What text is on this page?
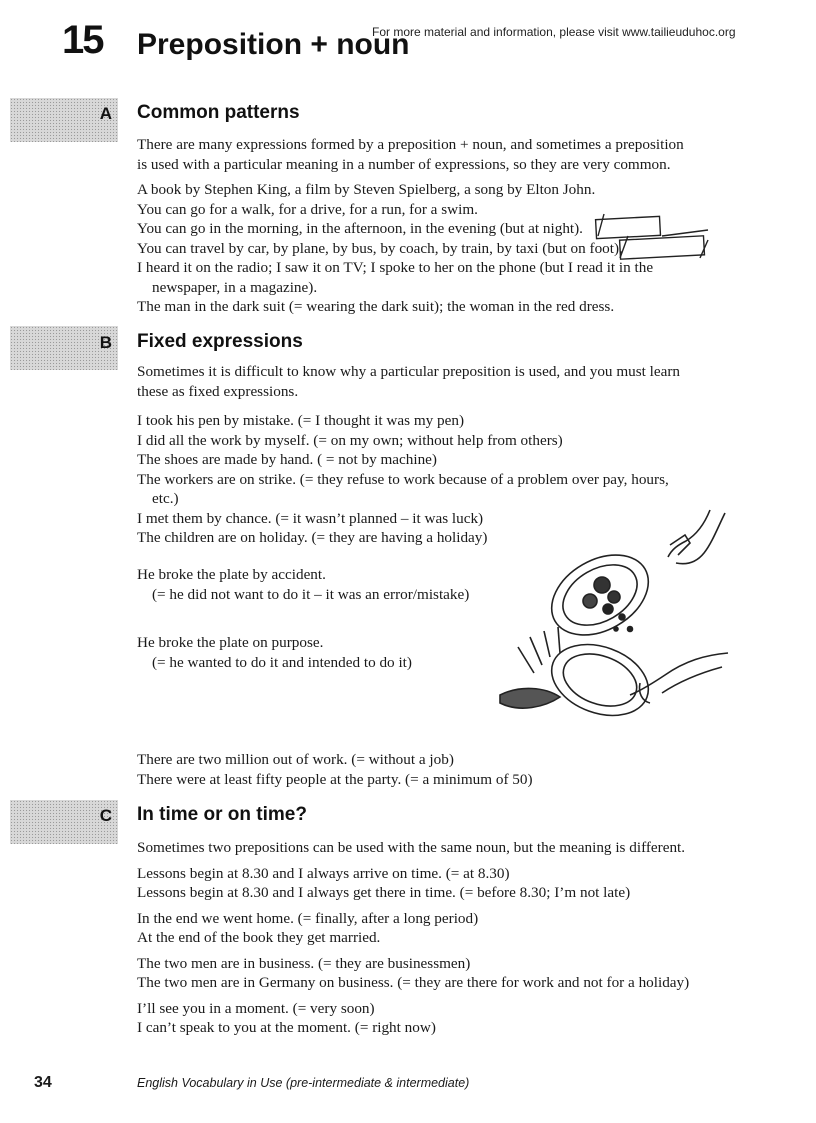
15 Preposition + noun
For more material and information, please visit www.tailieuduhoc.org
A Common patterns
There are many expressions formed by a preposition + noun, and sometimes a preposition
is used with a particular meaning in a number of expressions, so they are very common.
A book by Stephen King, a film by Steven Spielberg, a song by Elton John.
You can go for a walk, for a drive, for a run, for a swim.
You can go in the morning, in the afternoon, in the evening (but at night).
You can travel by car, by plane, by bus, by coach, by train, by taxi (but on foot).
I heard it on the radio; I saw it on TV; I spoke to her on the phone (but I read it in the
newspaper, in a magazine).
The man in the dark suit (= wearing the dark suit); the woman in the red dress.
B Fixed expressions
Sometimes it is difficult to know why a particular preposition is used, and you must learn
these as fixed expressions.
I took his pen by mistake. (= I thought it was my pen)
I did all the work by myself. (= on my own; without help from others)
The shoes are made by hand. ( = not by machine)
The workers are on strike. (= they refuse to work because of a problem over pay, hours,
etc.)
I met them by chance. (= it wasn’t planned – it was luck)
The children are on holiday. (= they are having a holiday)
He broke the plate by accident.
(= he did not want to do it – it was an error/mistake)
He broke the plate on purpose.
(= he wanted to do it and intended to do it)
There are two million out of work. (= without a job)
There were at least fifty people at the party. (= a minimum of 50)
C In time or on time?
Sometimes two prepositions can be used with the same noun, but the meaning is different.
Lessons begin at 8.30 and I always arrive on time. (= at 8.30)
Lessons begin at 8.30 and I always get there in time. (= before 8.30; I’m not late)
In the end we went home. (= finally, after a long period)
At the end of the book they get married.
The two men are in business. (= they are businessmen)
The two men are in Germany on business. (= they are there for work and not for a holiday)
I’ll see you in a moment. (= very soon)
I can’t speak to you at the moment. (= right now)
34	English Vocabulary in Use (pre-intermediate & intermediate)
